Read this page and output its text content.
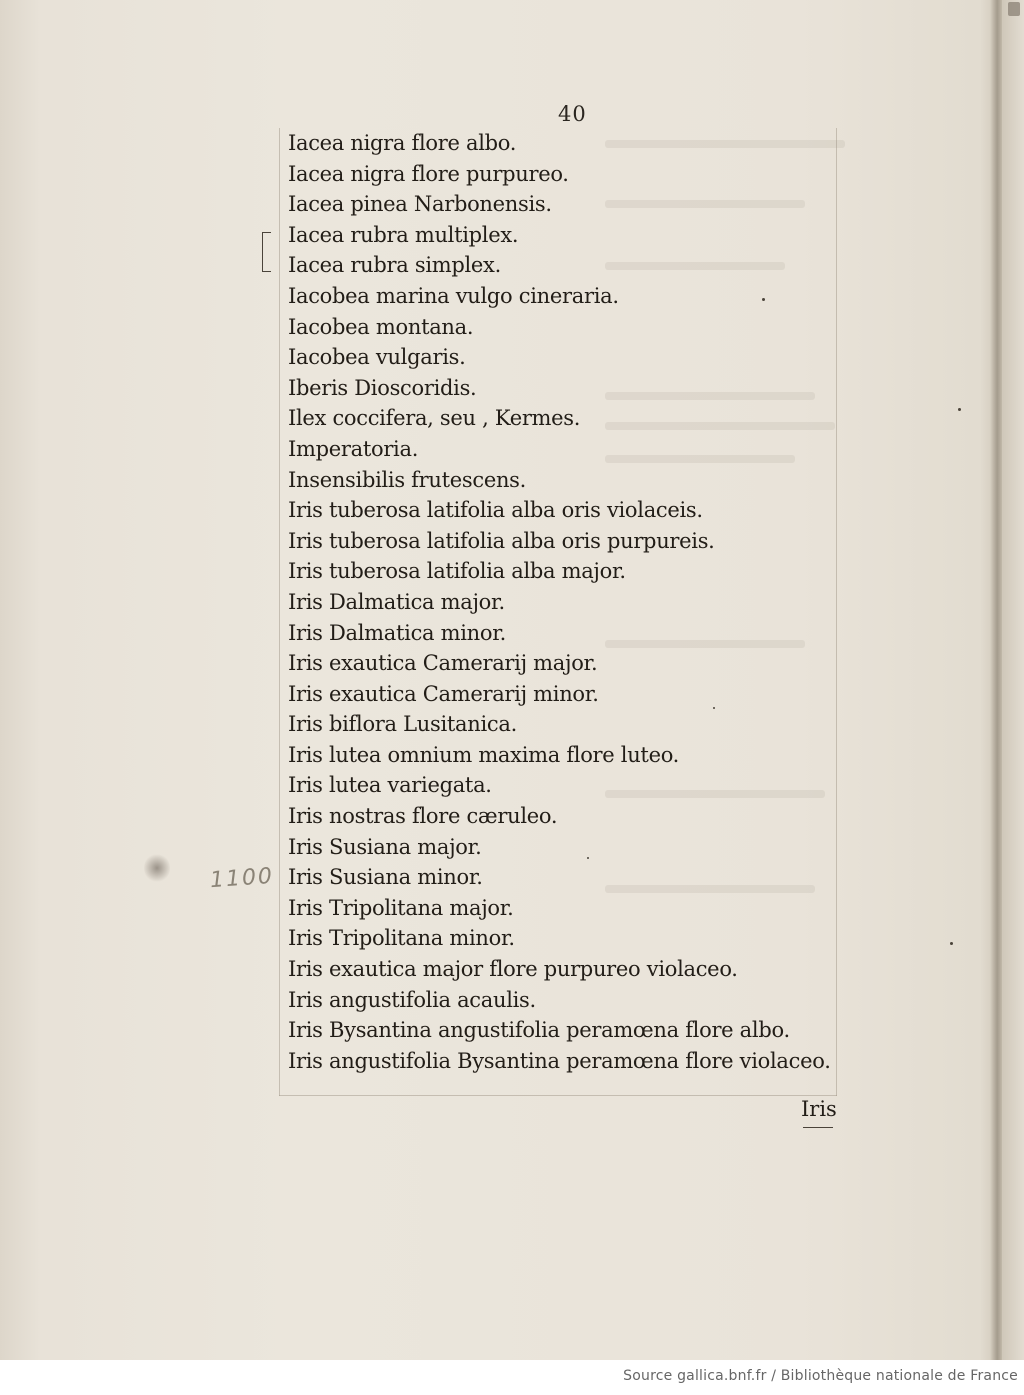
40
1100
Iacea nigra flore albo.
Iacea nigra flore purpureo.
Iacea pinea Narbonensis.
Iacea rubra multiplex.
Iacea rubra simplex.
Iacobea marina vulgo cineraria.
Iacobea montana.
Iacobea vulgaris.
Iberis Dioscoridis.
Ilex coccifera, seu , Kermes.
Imperatoria.
Insensibilis frutescens.
Iris tuberosa latifolia alba oris violaceis.
Iris tuberosa latifolia alba oris purpureis.
Iris tuberosa latifolia alba major.
Iris Dalmatica major.
Iris Dalmatica minor.
Iris exautica Camerarij major.
Iris exautica Camerarij minor.
Iris biflora Lusitanica.
Iris lutea omnium maxima flore luteo.
Iris lutea variegata.
Iris nostras flore cæruleo.
Iris Susiana major.
Iris Susiana minor.
Iris Tripolitana major.
Iris Tripolitana minor.
Iris exautica major flore purpureo violaceo.
Iris angustifolia acaulis.
Iris Bysantina angustifolia peramœna flore albo.
Iris angustifolia Bysantina peramœna flore violaceo.
Iris
Source gallica.bnf.fr / Bibliothèque nationale de France
